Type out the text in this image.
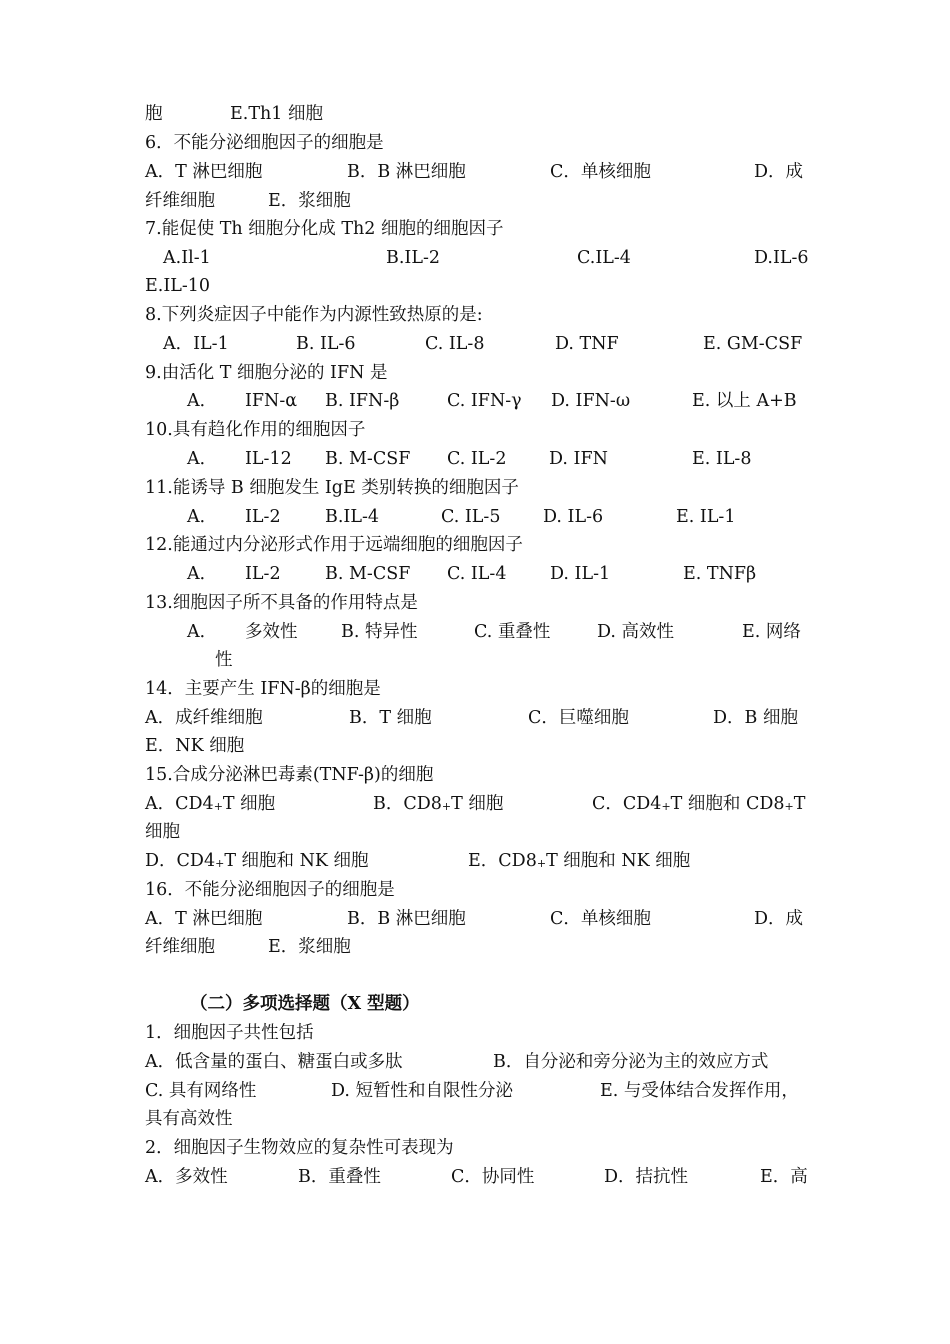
胞	E.Th1 细胞
6．不能分泌细胞因子的细胞是
A．T 淋巴细胞	B．B 淋巴细胞	C．单核细胞	D．成
纤维细胞	E．浆细胞
7.能促使 Th 细胞分化成 Th2 细胞的细胞因子
A.Il-1	B.IL-2	C.IL-4	D.IL-6
E.IL-10
8.下列炎症因子中能作为内源性致热原的是:
A．IL-1	B. IL-6	C. IL-8	D. TNF	E. GM-CSF
9.由活化 T 细胞分泌的 IFN 是
A． IFN-α B. IFN-β	C. IFN-γ D. IFN-ω	E. 以上 A+B
10.具有趋化作用的细胞因子
A． IL-12 B. M-CSF C. IL-2 D. IFN	E. IL-8
11.能诱导 B 细胞发生 IgE 类别转换的细胞因子
A． IL-2	B.IL-4	C. IL-5 D. IL-6	E. IL-1
12.能通过内分泌形式作用于远端细胞的细胞因子
A． IL-2	B. M-CSF C. IL-4 D. IL-1	E. TNFβ
13.细胞因子所不具备的作用特点是
A． 多效性 B. 特异性	C. 重叠性	D. 高效性	E. 网络
性
14．主要产生 IFN-β的细胞是
A．成纤维细胞	B．T 细胞	C．巨噬细胞	D．B 细胞
E．NK 细胞
15.合成分泌淋巴毒素(TNF-β)的细胞
A．CD4+T 细胞	B．CD8+T 细胞	C．CD4+T 细胞和 CD8+T
细胞
D．CD4+T 细胞和 NK 细胞	E．CD8+T 细胞和 NK 细胞
16．不能分泌细胞因子的细胞是
A．T 淋巴细胞	B．B 淋巴细胞	C．单核细胞	D．成
纤维细胞	E．浆细胞
（二）多项选择题（X 型题）
1．细胞因子共性包括
A．低含量的蛋白、糖蛋白或多肽	B．自分泌和旁分泌为主的效应方式
C. 具有网络性	D. 短暂性和自限性分泌	E. 与受体结合发挥作用，
具有高效性
2．细胞因子生物效应的复杂性可表现为
A．多效性	B．重叠性	C．协同性	D．拮抗性	E．高
